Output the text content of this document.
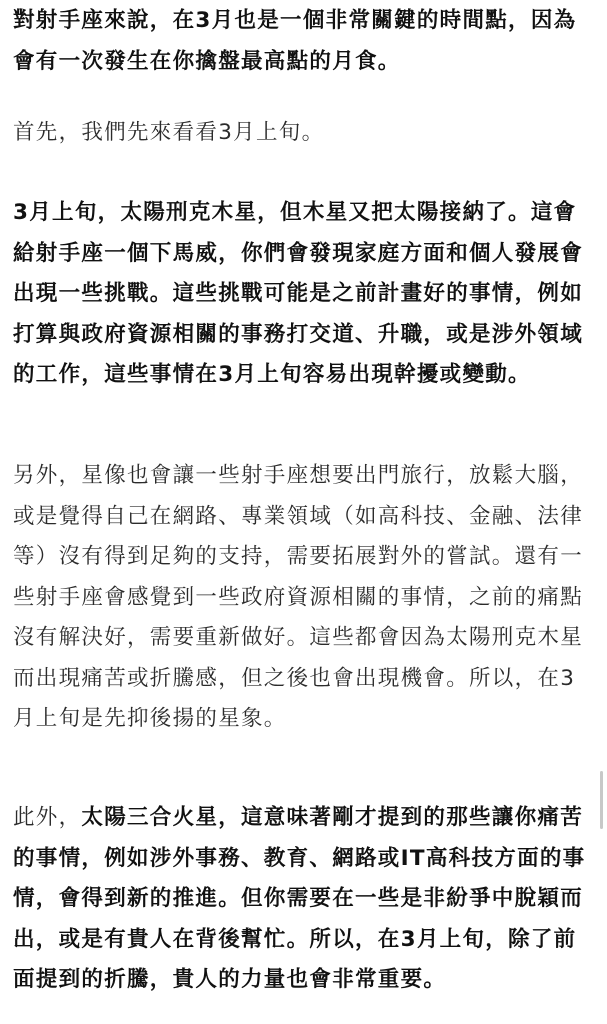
對射手座來說，在3月也是一個非常關鍵的時間點，因為會有一次發生在你擒盤最高點的月食。

首先，我們先來看看3月上旬。

3月上旬，太陽刑克木星，但木星又把太陽接納了。這會給射手座一個下馬威，你們會發現家庭方面和個人發展會出現一些挑戰。這些挑戰可能是之前計畫好的事情，例如打算與政府資源相關的事務打交道、升職，或是涉外領域的工作，這些事情在3月上旬容易出現幹擾或變動。

另外，星像也會讓一些射手座想要出門旅行，放鬆大腦，或是覺得自己在網路、專業領域（如高科技、金融、法律等）沒有得到足夠的支持，需要拓展對外的嘗試。還有一些射手座會感覺到一些政府資源相關的事情，之前的痛點沒有解決好，需要重新做好。這些都會因為太陽刑克木星而出現痛苦或折騰感，但之後也會出現機會。所以，在3月上旬是先抑後揚的星象。

此外，太陽三合火星，這意味著剛才提到的那些讓你痛苦的事情，例如涉外事務、教育、網路或IT高科技方面的事情，會得到新的推進。但你需要在一些是非紛爭中脫穎而出，或是有貴人在背後幫忙。所以，在3月上旬，除了前面提到的折騰，貴人的力量也會非常重要。
